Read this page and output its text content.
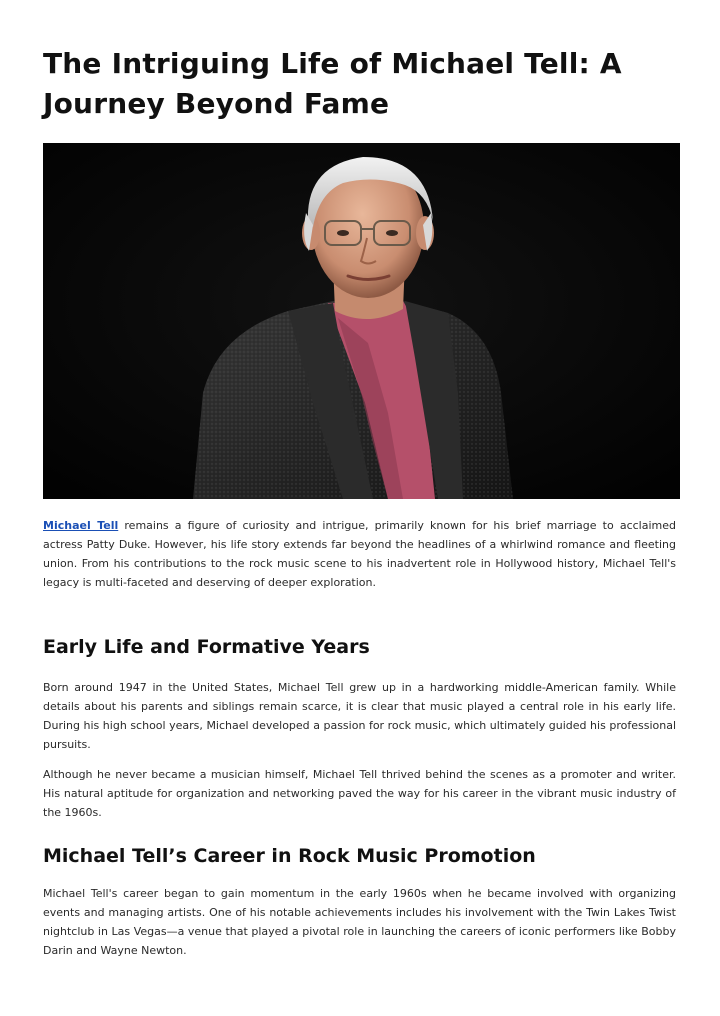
The Intriguing Life of Michael Tell: A Journey Beyond Fame

Michael Tell remains a figure of curiosity and intrigue, primarily known for his brief marriage to acclaimed actress Patty Duke. However, his life story extends far beyond the headlines of a whirlwind romance and fleeting union. From his contributions to the rock music scene to his inadvertent role in Hollywood history, Michael Tell's legacy is multi-faceted and deserving of deeper exploration.

Early Life and Formative Years

Born around 1947 in the United States, Michael Tell grew up in a hardworking middle-American family. While details about his parents and siblings remain scarce, it is clear that music played a central role in his early life. During his high school years, Michael developed a passion for rock music, which ultimately guided his professional pursuits.

Although he never became a musician himself, Michael Tell thrived behind the scenes as a promoter and writer. His natural aptitude for organization and networking paved the way for his career in the vibrant music industry of the 1960s.

Michael Tell’s Career in Rock Music Promotion

Michael Tell's career began to gain momentum in the early 1960s when he became involved with organizing events and managing artists. One of his notable achievements includes his involvement with the Twin Lakes Twist nightclub in Las Vegas—a venue that played a pivotal role in launching the careers of iconic performers like Bobby Darin and Wayne Newton.
